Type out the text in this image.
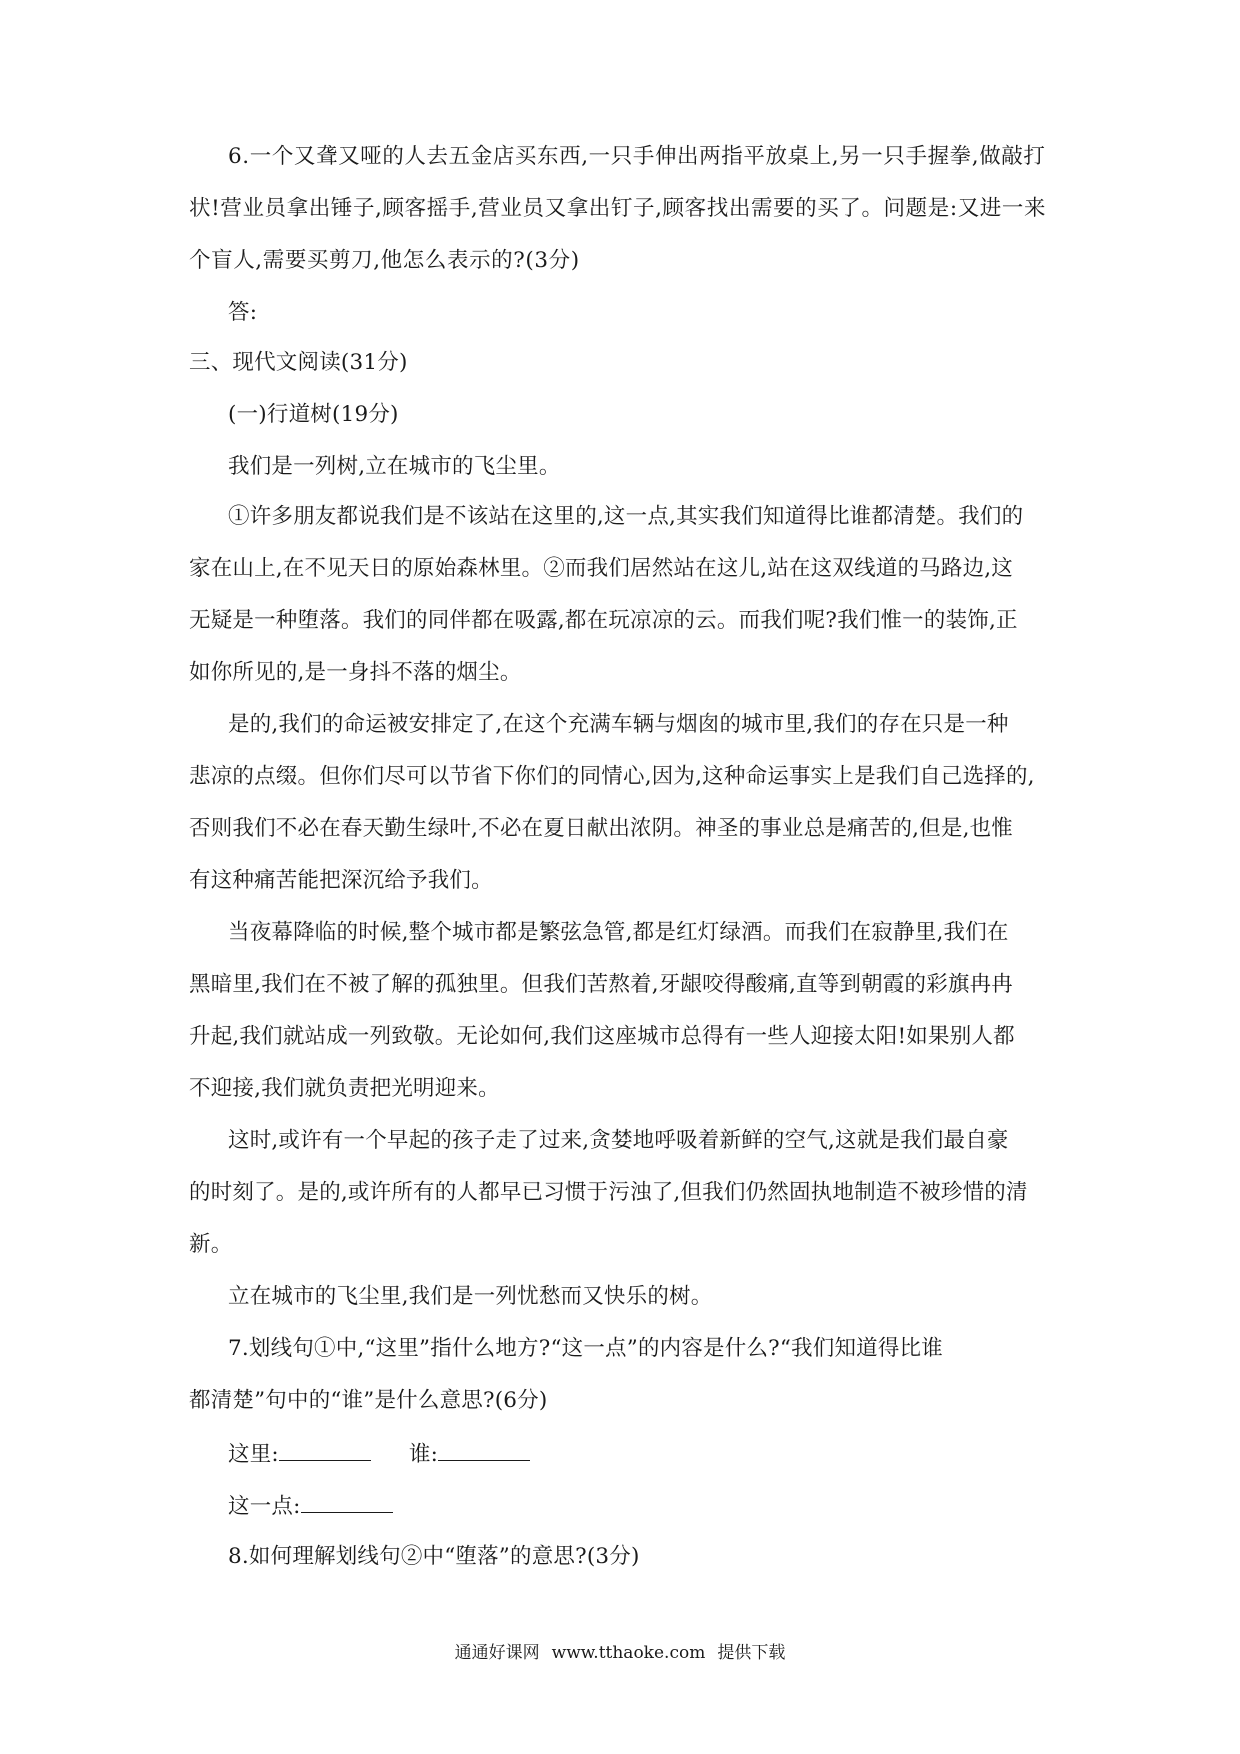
6.一个又聋又哑的人去五金店买东西,一只手伸出两指平放桌上,另一只手握拳,做敲打
状!营业员拿出锤子,顾客摇手,营业员又拿出钉子,顾客找出需要的买了。问题是:又进一来
个盲人,需要买剪刀,他怎么表示的?(3分)
答:
三、现代文阅读(31分)
(一)行道树(19分)
我们是一列树,立在城市的飞尘里。
①许多朋友都说我们是不该站在这里的,这一点,其实我们知道得比谁都清楚。我们的
家在山上,在不见天日的原始森林里。②而我们居然站在这儿,站在这双线道的马路边,这
无疑是一种堕落。我们的同伴都在吸露,都在玩凉凉的云。而我们呢?我们惟一的装饰,正
如你所见的,是一身抖不落的烟尘。
是的,我们的命运被安排定了,在这个充满车辆与烟囱的城市里,我们的存在只是一种
悲凉的点缀。但你们尽可以节省下你们的同情心,因为,这种命运事实上是我们自己选择的,
否则我们不必在春天勤生绿叶,不必在夏日献出浓阴。神圣的事业总是痛苦的,但是,也惟
有这种痛苦能把深沉给予我们。
当夜幕降临的时候,整个城市都是繁弦急管,都是红灯绿酒。而我们在寂静里,我们在
黑暗里,我们在不被了解的孤独里。但我们苦熬着,牙龈咬得酸痛,直等到朝霞的彩旗冉冉
升起,我们就站成一列致敬。无论如何,我们这座城市总得有一些人迎接太阳!如果别人都
不迎接,我们就负责把光明迎来。
这时,或许有一个早起的孩子走了过来,贪婪地呼吸着新鲜的空气,这就是我们最自豪
的时刻了。是的,或许所有的人都早已习惯于污浊了,但我们仍然固执地制造不被珍惜的清
新。
立在城市的飞尘里,我们是一列忧愁而又快乐的树。
7.划线句①中,“这里”指什么地方?“这一点”的内容是什么?“我们知道得比谁
都清楚”句中的“谁”是什么意思?(6分)
这里:	谁:
这一点:
8.如何理解划线句②中“堕落”的意思?(3分)
通通好课网 www.tthaoke.com 提供下载
